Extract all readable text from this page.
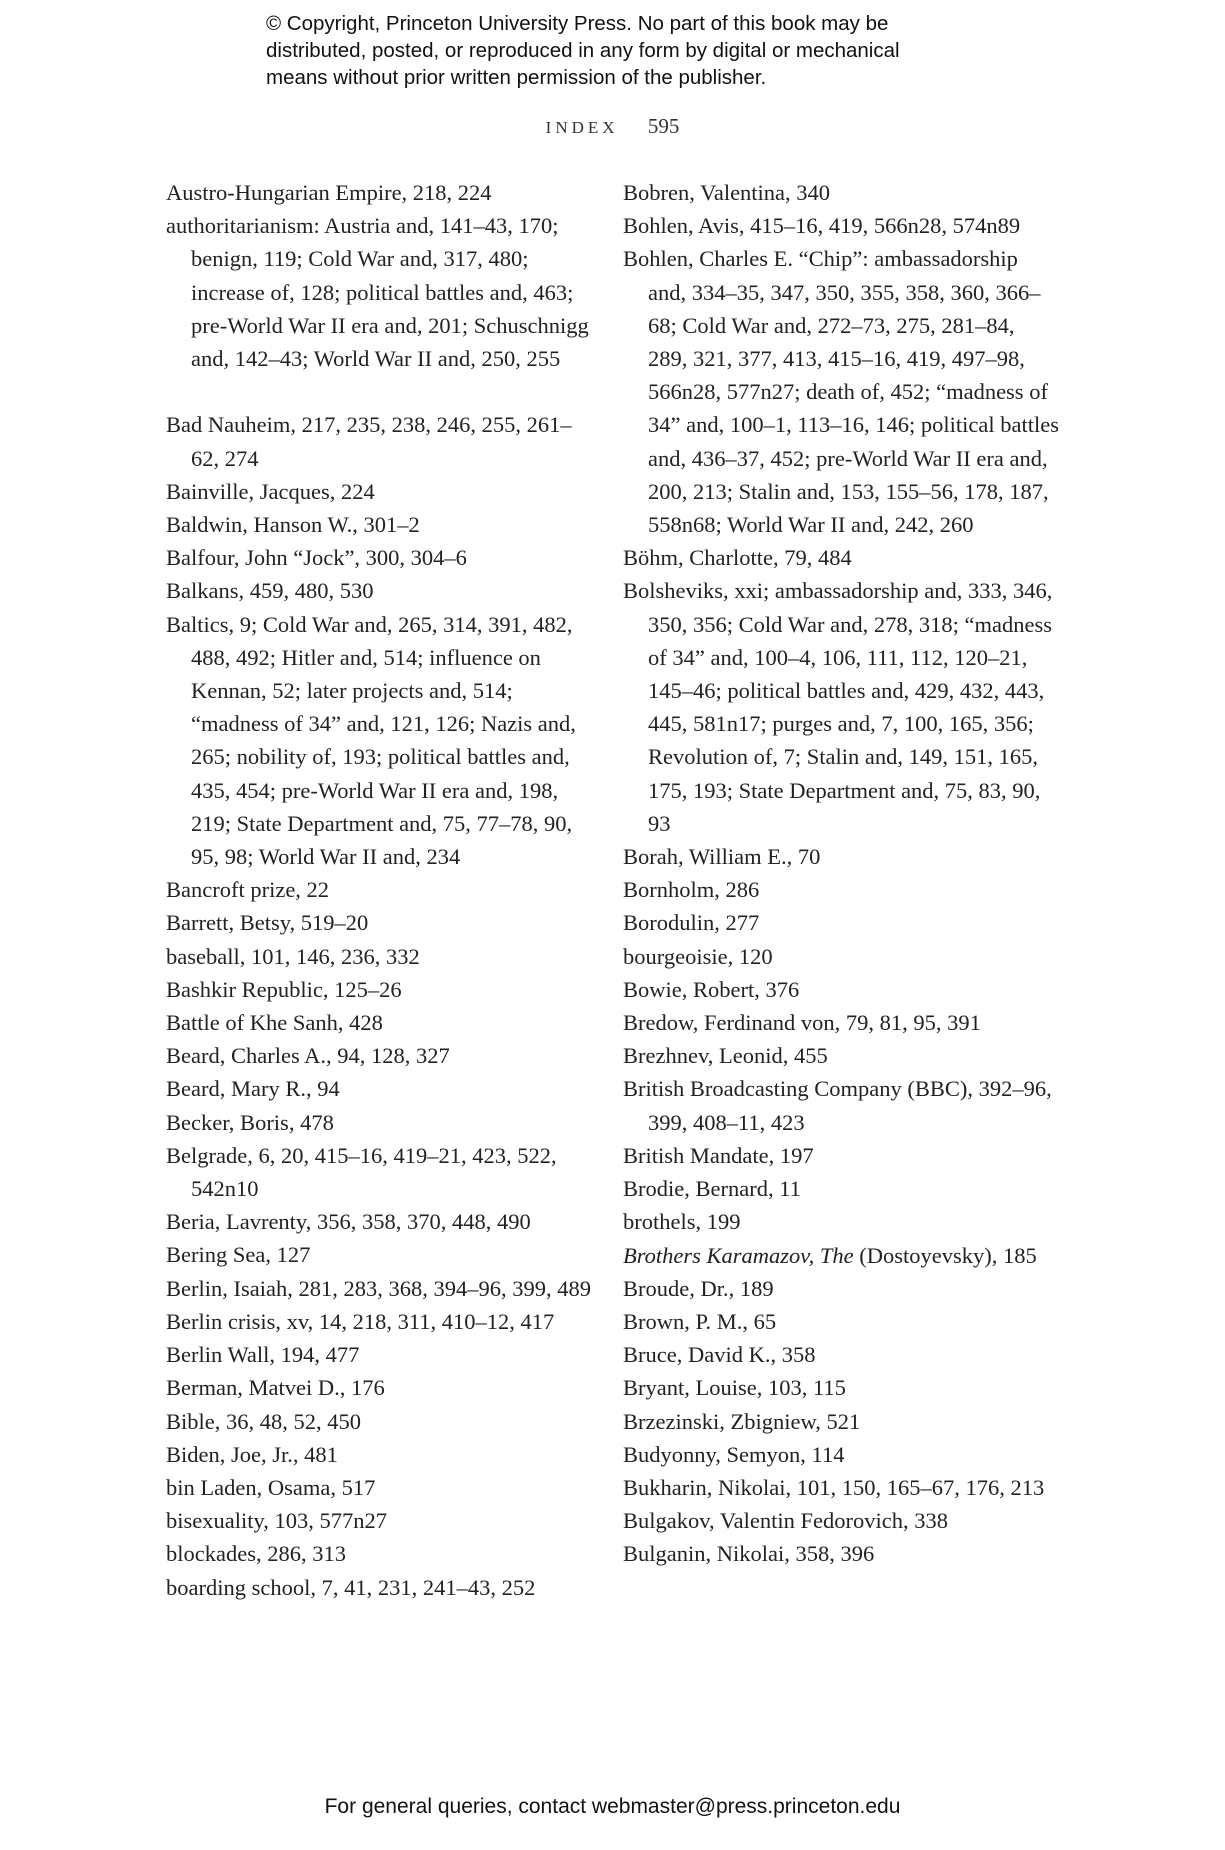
© Copyright, Princeton University Press. No part of this book may be
distributed, posted, or reproduced in any form by digital or mechanical
means without prior written permission of the publisher.
INDEX 595
Austro-Hungarian Empire, 218, 224
authoritarianism: Austria and, 141–43, 170; benign, 119; Cold War and, 317, 480; increase of, 128; political battles and, 463; pre-World War II era and, 201; Schuschnigg and, 142–43; World War II and, 250, 255
Bad Nauheim, 217, 235, 238, 246, 255, 261–62, 274
Bainville, Jacques, 224
Baldwin, Hanson W., 301–2
Balfour, John “Jock”, 300, 304–6
Balkans, 459, 480, 530
Baltics, 9; Cold War and, 265, 314, 391, 482, 488, 492; Hitler and, 514; influence on Kennan, 52; later projects and, 514; “madness of 34” and, 121, 126; Nazis and, 265; nobility of, 193; political battles and, 435, 454; pre-World War II era and, 198, 219; State Department and, 75, 77–78, 90, 95, 98; World War II and, 234
Bancroft prize, 22
Barrett, Betsy, 519–20
baseball, 101, 146, 236, 332
Bashkir Republic, 125–26
Battle of Khe Sanh, 428
Beard, Charles A., 94, 128, 327
Beard, Mary R., 94
Becker, Boris, 478
Belgrade, 6, 20, 415–16, 419–21, 423, 522, 542n10
Beria, Lavrenty, 356, 358, 370, 448, 490
Bering Sea, 127
Berlin, Isaiah, 281, 283, 368, 394–96, 399, 489
Berlin crisis, xv, 14, 218, 311, 410–12, 417
Berlin Wall, 194, 477
Berman, Matvei D., 176
Bible, 36, 48, 52, 450
Biden, Joe, Jr., 481
bin Laden, Osama, 517
bisexuality, 103, 577n27
blockades, 286, 313
boarding school, 7, 41, 231, 241–43, 252
Bobren, Valentina, 340
Bohlen, Avis, 415–16, 419, 566n28, 574n89
Bohlen, Charles E. “Chip”: ambassadorship and, 334–35, 347, 350, 355, 358, 360, 366–68; Cold War and, 272–73, 275, 281–84, 289, 321, 377, 413, 415–16, 419, 497–98, 566n28, 577n27; death of, 452; “madness of 34” and, 100–1, 113–16, 146; political battles and, 436–37, 452; pre-World War II era and, 200, 213; Stalin and, 153, 155–56, 178, 187, 558n68; World War II and, 242, 260
Böhm, Charlotte, 79, 484
Bolsheviks, xxi; ambassadorship and, 333, 346, 350, 356; Cold War and, 278, 318; “madness of 34” and, 100–4, 106, 111, 112, 120–21, 145–46; political battles and, 429, 432, 443, 445, 581n17; purges and, 7, 100, 165, 356; Revolution of, 7; Stalin and, 149, 151, 165, 175, 193; State Department and, 75, 83, 90, 93
Borah, William E., 70
Bornholm, 286
Borodulin, 277
bourgeoisie, 120
Bowie, Robert, 376
Bredow, Ferdinand von, 79, 81, 95, 391
Brezhnev, Leonid, 455
British Broadcasting Company (BBC), 392–96, 399, 408–11, 423
British Mandate, 197
Brodie, Bernard, 11
brothels, 199
Brothers Karamazov, The (Dostoyevsky), 185
Broude, Dr., 189
Brown, P. M., 65
Bruce, David K., 358
Bryant, Louise, 103, 115
Brzezinski, Zbigniew, 521
Budyonny, Semyon, 114
Bukharin, Nikolai, 101, 150, 165–67, 176, 213
Bulgakov, Valentin Fedorovich, 338
Bulganin, Nikolai, 358, 396
For general queries, contact webmaster@press.princeton.edu
